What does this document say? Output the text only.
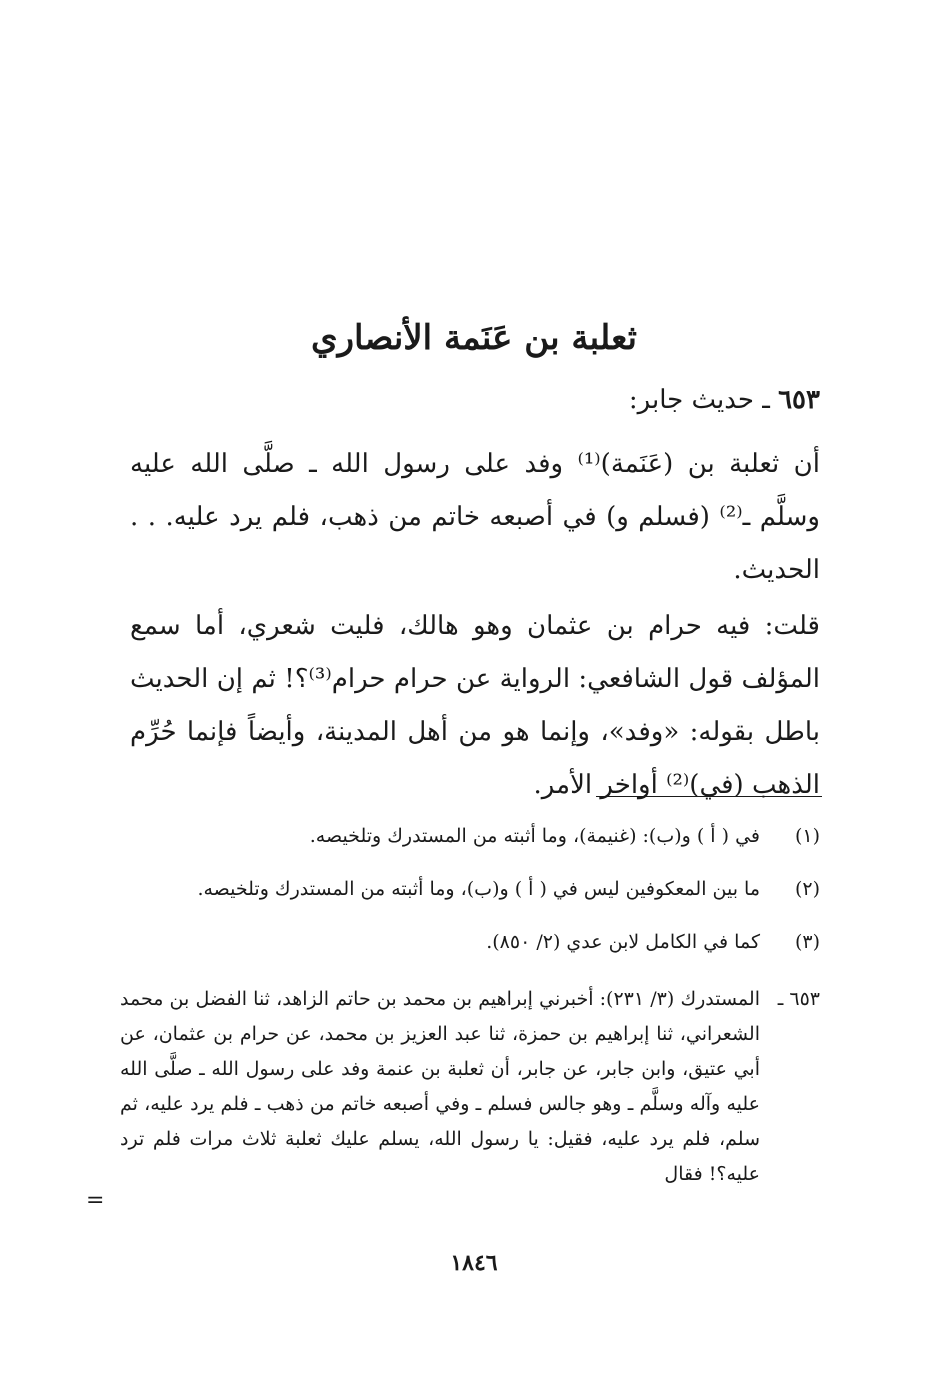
ثعلبة بن عَنَمة الأنصاري

٦٥٣ ـ حديث جابر:

أن ثعلبة بن (عَنَمة)⁽¹⁾ وفد على رسول الله ـ صلَّى الله عليه وسلَّم ـ⁽²⁾ (فسلم و) في أصبعه خاتم من ذهب، فلم يرد عليه. . . الحديث.

قلت: فيه حرام بن عثمان وهو هالك، فليت شعري، أما سمع المؤلف قول الشافعي: الرواية عن حرام حرام⁽³⁾؟! ثم إن الحديث باطل بقوله: «وفد»، وإنما هو من أهل المدينة، وأيضاً فإنما حُرِّم الذهب (في)⁽²⁾ أواخر الأمر.

(١)
في ( أ ) و(ب): (غنيمة)، وما أثبته من المستدرك وتلخيصه.
(٢)
ما بين المعكوفين ليس في ( أ ) و(ب)، وما أثبته من المستدرك وتلخيصه.
(٣)
كما في الكامل لابن عدي (٢/ ٨٥٠).
٦٥٣ ـ
المستدرك (٣/ ٢٣١): أخبرني إبراهيم بن محمد بن حاتم الزاهد، ثنا الفضل بن محمد الشعراني، ثنا إبراهيم بن حمزة، ثنا عبد العزيز بن محمد، عن حرام بن عثمان، عن أبي عتيق، وابن جابر، عن جابر، أن ثعلبة بن عنمة وفد على رسول الله ـ صلَّى الله عليه وآله وسلَّم ـ وهو جالس فسلم ـ وفي أصبعه خاتم من ذهب ـ فلم يرد عليه، ثم سلم، فلم يرد عليه، فقيل: يا رسول الله، يسلم عليك ثعلبة ثلاث مرات فلم ترد عليه؟! فقال
=
١٨٤٦
